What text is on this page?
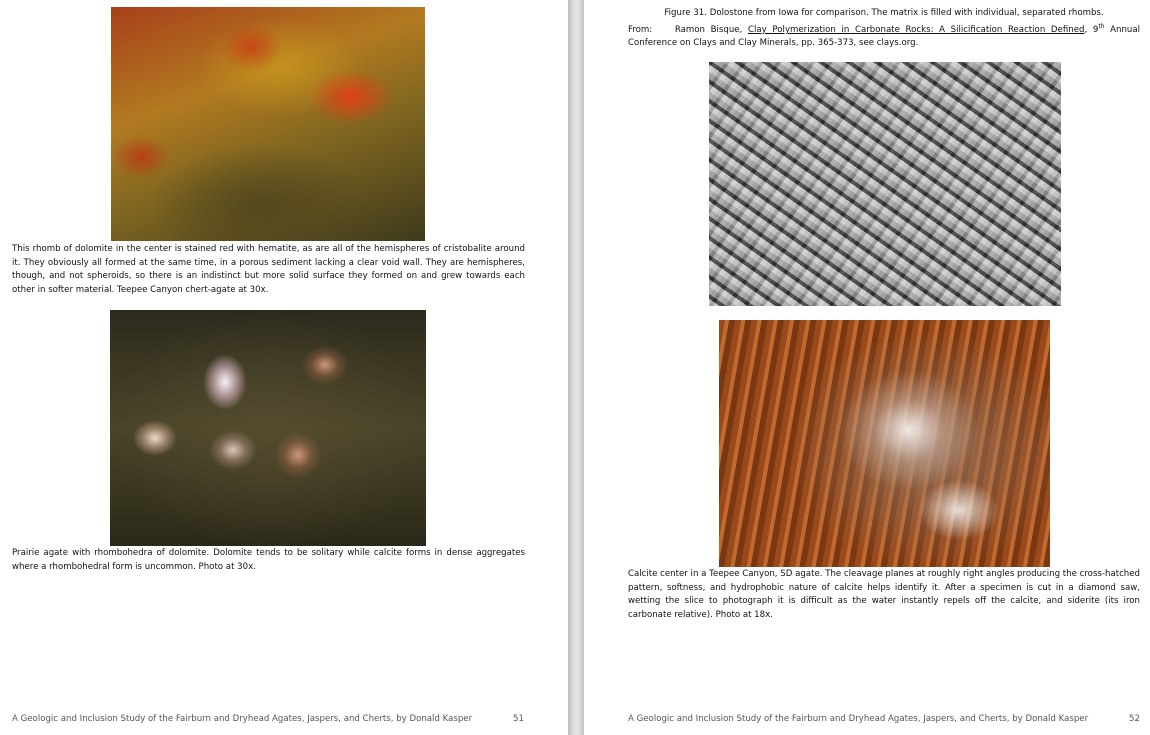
This rhomb of dolomite in the center is stained red with hematite, as are all of the hemispheres of cristobalite around it. They obviously all formed at the same time, in a porous sediment lacking a clear void wall. They are hemispheres, though, and not spheroids, so there is an indistinct but more solid surface they formed on and grew towards each other in softer material. Teepee Canyon chert-agate at 30x.

Prairie agate with rhombohedra of dolomite. Dolomite tends to be solitary while calcite forms in dense aggregates where a rhombohedral form is uncommon. Photo at 30x.

A Geologic and Inclusion Study of the Fairburn and Dryhead Agates, Jaspers, and Cherts, by Donald Kasper	51

Figure 31. Dolostone from Iowa for comparison. The matrix is filled with individual, separated rhombs.

From:	Ramon Bisque, Clay Polymerization in Carbonate Rocks: A Silicification Reaction Defined, 9th Annual Conference on Clays and Clay Minerals, pp. 365-373, see clays.org.

Calcite center in a Teepee Canyon, SD agate. The cleavage planes at roughly right angles producing the cross-hatched pattern, softness, and hydrophobic nature of calcite helps identify it. After a specimen is cut in a diamond saw, wetting the slice to photograph it is difficult as the water instantly repels off the calcite, and siderite (its iron carbonate relative). Photo at 18x.

A Geologic and Inclusion Study of the Fairburn and Dryhead Agates, Jaspers, and Cherts, by Donald Kasper	52
